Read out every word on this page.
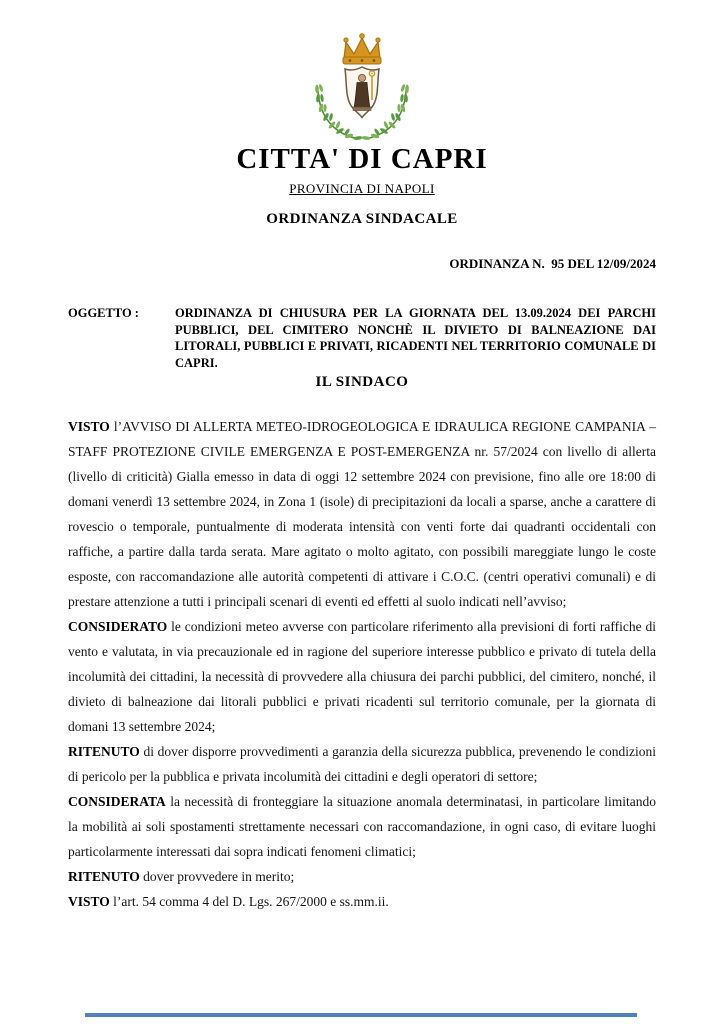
CITTA' DI CAPRI
PROVINCIA DI NAPOLI
ORDINANZA SINDACALE
ORDINANZA N.  95 DEL 12/09/2024
OGGETTO :	ORDINANZA DI CHIUSURA PER LA GIORNATA DEL 13.09.2024 DEI PARCHI PUBBLICI, DEL CIMITERO NONCHÈ IL DIVIETO DI BALNEAZIONE DAI LITORALI, PUBBLICI E PRIVATI, RICADENTI NEL TERRITORIO COMUNALE DI CAPRI.
IL SINDACO

VISTO l’AVVISO DI ALLERTA METEO-IDROGEOLOGICA E IDRAULICA REGIONE CAMPANIA – STAFF PROTEZIONE CIVILE EMERGENZA E POST-EMERGENZA nr. 57/2024 con livello di allerta (livello di criticità) Gialla emesso in data di oggi 12 settembre 2024 con previsione, fino alle ore 18:00 di domani venerdì 13 settembre 2024, in Zona 1 (isole) di precipitazioni da locali a sparse, anche a carattere di rovescio o temporale, puntualmente di moderata intensità con venti forte dai quadranti occidentali con raffiche, a partire dalla tarda serata. Mare agitato o molto agitato, con possibili mareggiate lungo le coste esposte, con raccomandazione alle autorità competenti di attivare i C.O.C. (centri operativi comunali) e di prestare attenzione a tutti i principali scenari di eventi ed effetti al suolo indicati nell’avviso;

CONSIDERATO le condizioni meteo avverse con particolare riferimento alla previsioni di forti raffiche di vento e valutata, in via precauzionale ed in ragione del superiore interesse pubblico e privato di tutela della incolumità dei cittadini, la necessità di provvedere alla chiusura dei parchi pubblici, del cimitero, nonché, il divieto di balneazione dai litorali pubblici e privati ricadenti sul territorio comunale, per la giornata di domani 13 settembre 2024;

RITENUTO di dover disporre provvedimenti a garanzia della sicurezza pubblica, prevenendo le condizioni di pericolo per la pubblica e privata incolumità dei cittadini e degli operatori di settore;

CONSIDERATA la necessità di fronteggiare la situazione anomala determinatasi, in particolare limitando la mobilità ai soli spostamenti strettamente necessari con raccomandazione, in ogni caso, di evitare luoghi particolarmente interessati dai sopra indicati fenomeni climatici;

RITENUTO dover provvedere in merito;

VISTO l’art. 54 comma 4 del D. Lgs. 267/2000 e ss.mm.ii.
